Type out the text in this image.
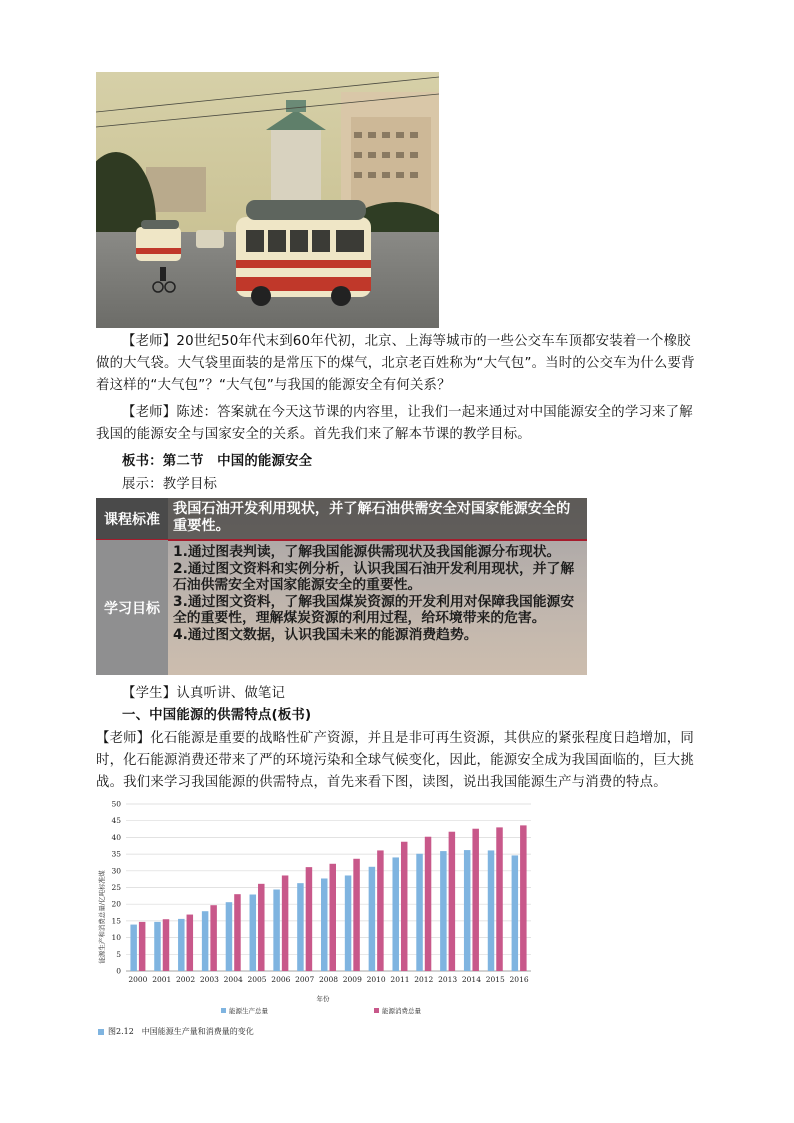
【老师】20世纪50年代末到60年代初，北京、上海等城市的一些公交车车顶都安装着一个橡胶做的大气袋。大气袋里面装的是常压下的煤气，北京老百姓称为“大气包”。当时的公交车为什么要背着这样的“大气包”？“大气包”与我国的能源安全有何关系？
【老师】陈述：答案就在今天这节课的内容里，让我们一起来通过对中国能源安全的学习来了解我国的能源安全与国家安全的关系。首先我们来了解本节课的教学目标。
板书：第二节　中国的能源安全
展示：教学目标
课程标准
我国石油开发利用现状，并了解石油供需安全对国家能源安全的重要性。
学习目标
1.通过图表判读，了解我国能源供需现状及我国能源分布现状。
2.通过图文资料和实例分析，认识我国石油开发利用现状，并了解石油供需安全对国家能源安全的重要性。
3.通过图文资料，了解我国煤炭资源的开发利用对保障我国能源安全的重要性，理解煤炭资源的利用过程，给环境带来的危害。
4.通过图文数据，认识我国未来的能源消费趋势。
【学生】认真听讲、做笔记
一、中国能源的供需特点(板书)
【老师】化石能源是重要的战略性矿产资源，并且是非可再生资源，其供应的紧张程度日趋增加，同时，化石能源消费还带来了严的环境污染和全球气候变化，因此，能源安全成为我国面临的，巨大挑战。我们来学习我国能源的供需特点，首先来看下图，读图，说出我国能源生产与消费的特点。
0
5
10
15
20
25
30
35
40
45
50
2000 2001 2002 2003 2004 2005 2006 2007 2008 2009 2010 2011 2012 2013 2014 2015 2016
能源生产和消费总量/亿吨标准煤
年份
能源生产总量	能源消费总量
图2.12　中国能源生产量和消费量的变化
